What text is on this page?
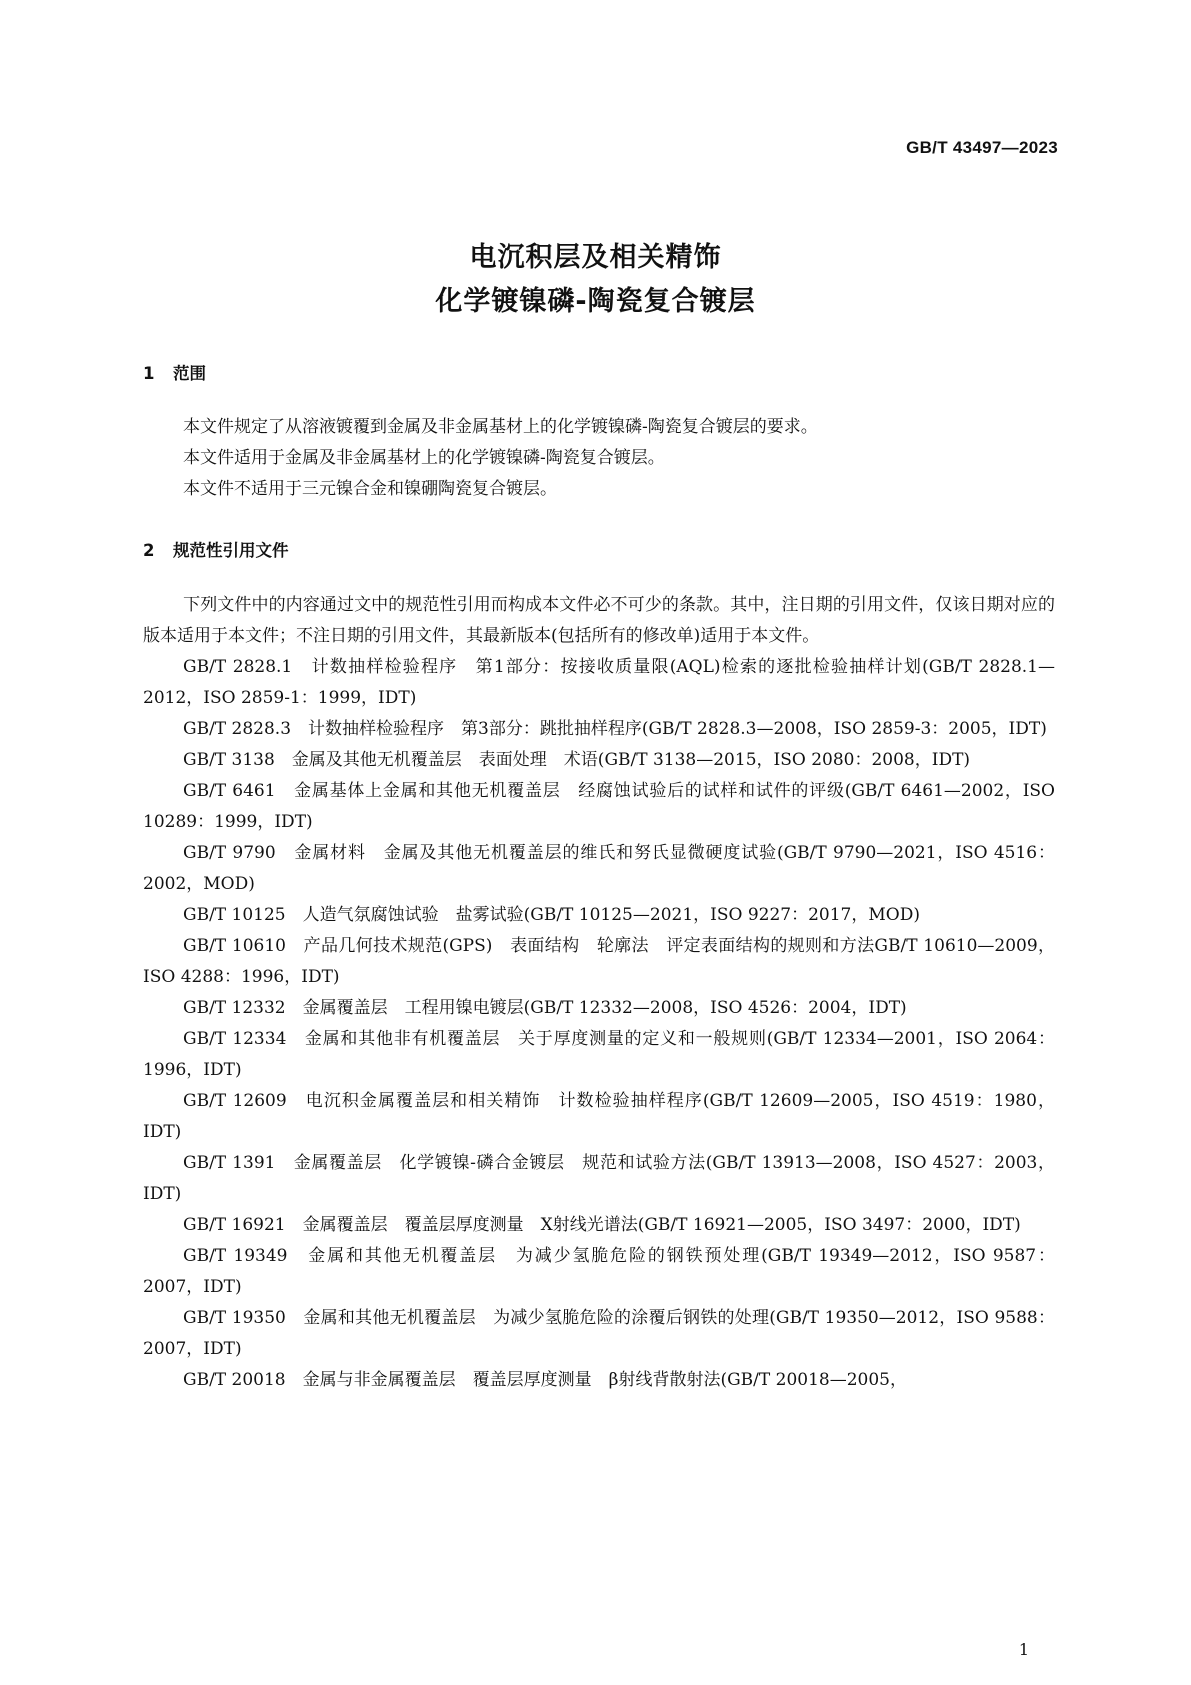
GB/T 43497—2023
电沉积层及相关精饰
化学镀镍磷-陶瓷复合镀层
1 范围
本文件规定了从溶液镀覆到金属及非金属基材上的化学镀镍磷-陶瓷复合镀层的要求。
本文件适用于金属及非金属基材上的化学镀镍磷-陶瓷复合镀层。
本文件不适用于三元镍合金和镍硼陶瓷复合镀层。
2 规范性引用文件
下列文件中的内容通过文中的规范性引用而构成本文件必不可少的条款。其中，注日期的引用文件，仅该日期对应的版本适用于本文件；不注日期的引用文件，其最新版本(包括所有的修改单)适用于本文件。
GB/T 2828.1　计数抽样检验程序　第1部分：按接收质量限(AQL)检索的逐批检验抽样计划(GB/T 2828.1—2012，ISO 2859-1：1999，IDT)
GB/T 2828.3　计数抽样检验程序　第3部分：跳批抽样程序(GB/T 2828.3—2008，ISO 2859-3：2005，IDT)
GB/T 3138　金属及其他无机覆盖层　表面处理　术语(GB/T 3138—2015，ISO 2080：2008，IDT)
GB/T 6461　金属基体上金属和其他无机覆盖层　经腐蚀试验后的试样和试件的评级(GB/T 6461—2002，ISO 10289：1999，IDT)
GB/T 9790　金属材料　金属及其他无机覆盖层的维氏和努氏显微硬度试验(GB/T 9790—2021，ISO 4516：2002，MOD)
GB/T 10125　人造气氛腐蚀试验　盐雾试验(GB/T 10125—2021，ISO 9227：2017，MOD)
GB/T 10610　产品几何技术规范(GPS)　表面结构　轮廓法　评定表面结构的规则和方法GB/T 10610—2009，ISO 4288：1996，IDT)
GB/T 12332　金属覆盖层　工程用镍电镀层(GB/T 12332—2008，ISO 4526：2004，IDT)
GB/T 12334　金属和其他非有机覆盖层　关于厚度测量的定义和一般规则(GB/T 12334—2001，ISO 2064：1996，IDT)
GB/T 12609　电沉积金属覆盖层和相关精饰　计数检验抽样程序(GB/T 12609—2005，ISO 4519：1980，IDT)
GB/T 1391　金属覆盖层　化学镀镍-磷合金镀层　规范和试验方法(GB/T 13913—2008，ISO 4527：2003，IDT)
GB/T 16921　金属覆盖层　覆盖层厚度测量　X射线光谱法(GB/T 16921—2005，ISO 3497：2000，IDT)
GB/T 19349　金属和其他无机覆盖层　为减少氢脆危险的钢铁预处理(GB/T 19349—2012，ISO 9587：2007，IDT)
GB/T 19350　金属和其他无机覆盖层　为减少氢脆危险的涂覆后钢铁的处理(GB/T 19350—2012，ISO 9588：2007，IDT)
GB/T 20018　金属与非金属覆盖层　覆盖层厚度测量　β射线背散射法(GB/T 20018—2005，
1
